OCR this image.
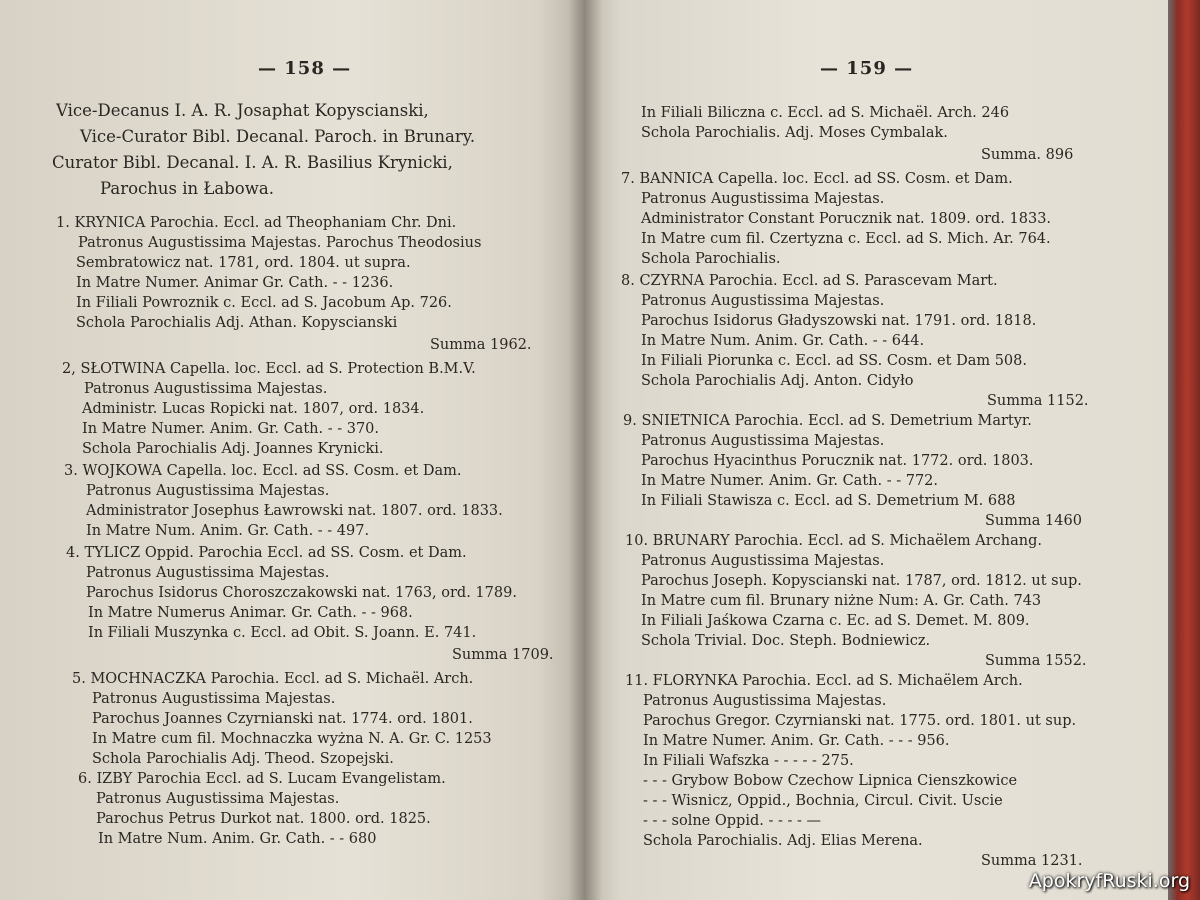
— 158 —
Vice-Decanus I. A. R. Josaphat Kopyscianski,
Vice-Curator Bibl. Decanal. Paroch. in Brunary.
Curator Bibl. Decanal. I. A. R. Basilius Krynicki,
Parochus in Łabowa.
1. KRYNICA Parochia. Eccl. ad Theophaniam Chr. Dni.
Patronus Augustissima Majestas. Parochus Theodosius
Sembratowicz nat. 1781, ord. 1804. ut supra.
In Matre Numer. Animar Gr. Cath. - - 1236.
In Filiali Powroznik c. Eccl. ad S. Jacobum Ap. 726.
Schola Parochialis Adj. Athan. Kopyscianski
Summa 1962.
2, SŁOTWINA Capella. loc. Eccl. ad S. Protection B.M.V.
Patronus Augustissima Majestas.
Administr. Lucas Ropicki nat. 1807, ord. 1834.
In Matre Numer. Anim. Gr. Cath. - - 370.
Schola Parochialis Adj. Joannes Krynicki.
3. WOJKOWA Capella. loc. Eccl. ad SS. Cosm. et Dam.
Patronus Augustissima Majestas.
Administrator Josephus Ławrowski nat. 1807. ord. 1833.
In Matre Num. Anim. Gr. Cath. - - 497.
4. TYLICZ Oppid. Parochia Eccl. ad SS. Cosm. et Dam.
Patronus Augustissima Majestas.
Parochus Isidorus Choroszczakowski nat. 1763, ord. 1789.
In Matre Numerus Animar. Gr. Cath. - - 968.
In Filiali Muszynka c. Eccl. ad Obit. S. Joann. E. 741.
Summa 1709.
5. MOCHNACZKA Parochia. Eccl. ad S. Michaël. Arch.
Patronus Augustissima Majestas.
Parochus Joannes Czyrnianski nat. 1774. ord. 1801.
In Matre cum fil. Mochnaczka wyżna N. A. Gr. C. 1253
Schola Parochialis Adj. Theod. Szopejski.
6. IZBY Parochia Eccl. ad S. Lucam Evangelistam.
Patronus Augustissima Majestas.
Parochus Petrus Durkot nat. 1800. ord. 1825.
In Matre Num. Anim. Gr. Cath. - - 680
— 159 —
In Filiali Biliczna c. Eccl. ad S. Michaël. Arch. 246
Schola Parochialis. Adj. Moses Cymbalak.
Summa. 896
7. BANNICA Capella. loc. Eccl. ad SS. Cosm. et Dam.
Patronus Augustissima Majestas.
Administrator Constant Porucznik nat. 1809. ord. 1833.
In Matre cum fil. Czertyzna c. Eccl. ad S. Mich. Ar. 764.
Schola Parochialis.
8. CZYRNA Parochia. Eccl. ad S. Parascevam Mart.
Patronus Augustissima Majestas.
Parochus Isidorus Gładyszowski nat. 1791. ord. 1818.
In Matre Num. Anim. Gr. Cath. - - 644.
In Filiali Piorunka c. Eccl. ad SS. Cosm. et Dam 508.
Schola Parochialis Adj. Anton. Cidyło
Summa 1152.
9. SNIETNICA Parochia. Eccl. ad S. Demetrium Martyr.
Patronus Augustissima Majestas.
Parochus Hyacinthus Porucznik nat. 1772. ord. 1803.
In Matre Numer. Anim. Gr. Cath. - - 772.
In Filiali Stawisza c. Eccl. ad S. Demetrium M. 688
Summa 1460
10. BRUNARY Parochia. Eccl. ad S. Michaëlem Archang.
Patronus Augustissima Majestas.
Parochus Joseph. Kopyscianski nat. 1787, ord. 1812. ut sup.
In Matre cum fil. Brunary niżne Num: A. Gr. Cath. 743
In Filiali Jaśkowa Czarna c. Ec. ad S. Demet. M. 809.
Schola Trivial. Doc. Steph. Bodniewicz.
Summa 1552.
11. FLORYNKA Parochia. Eccl. ad S. Michaëlem Arch.
Patronus Augustissima Majestas.
Parochus Gregor. Czyrnianski nat. 1775. ord. 1801. ut sup.
In Matre Numer. Anim. Gr. Cath. - - - 956.
In Filiali Wafszka - - - - - 275.
- - - Grybow Bobow Czechow Lipnica Cienszkowice
- - - Wisnicz, Oppid., Bochnia, Circul. Civit. Uscie
- - - solne Oppid. - - - - —
Schola Parochialis. Adj. Elias Merena.
Summa 1231.
ApokryfRuski.org
